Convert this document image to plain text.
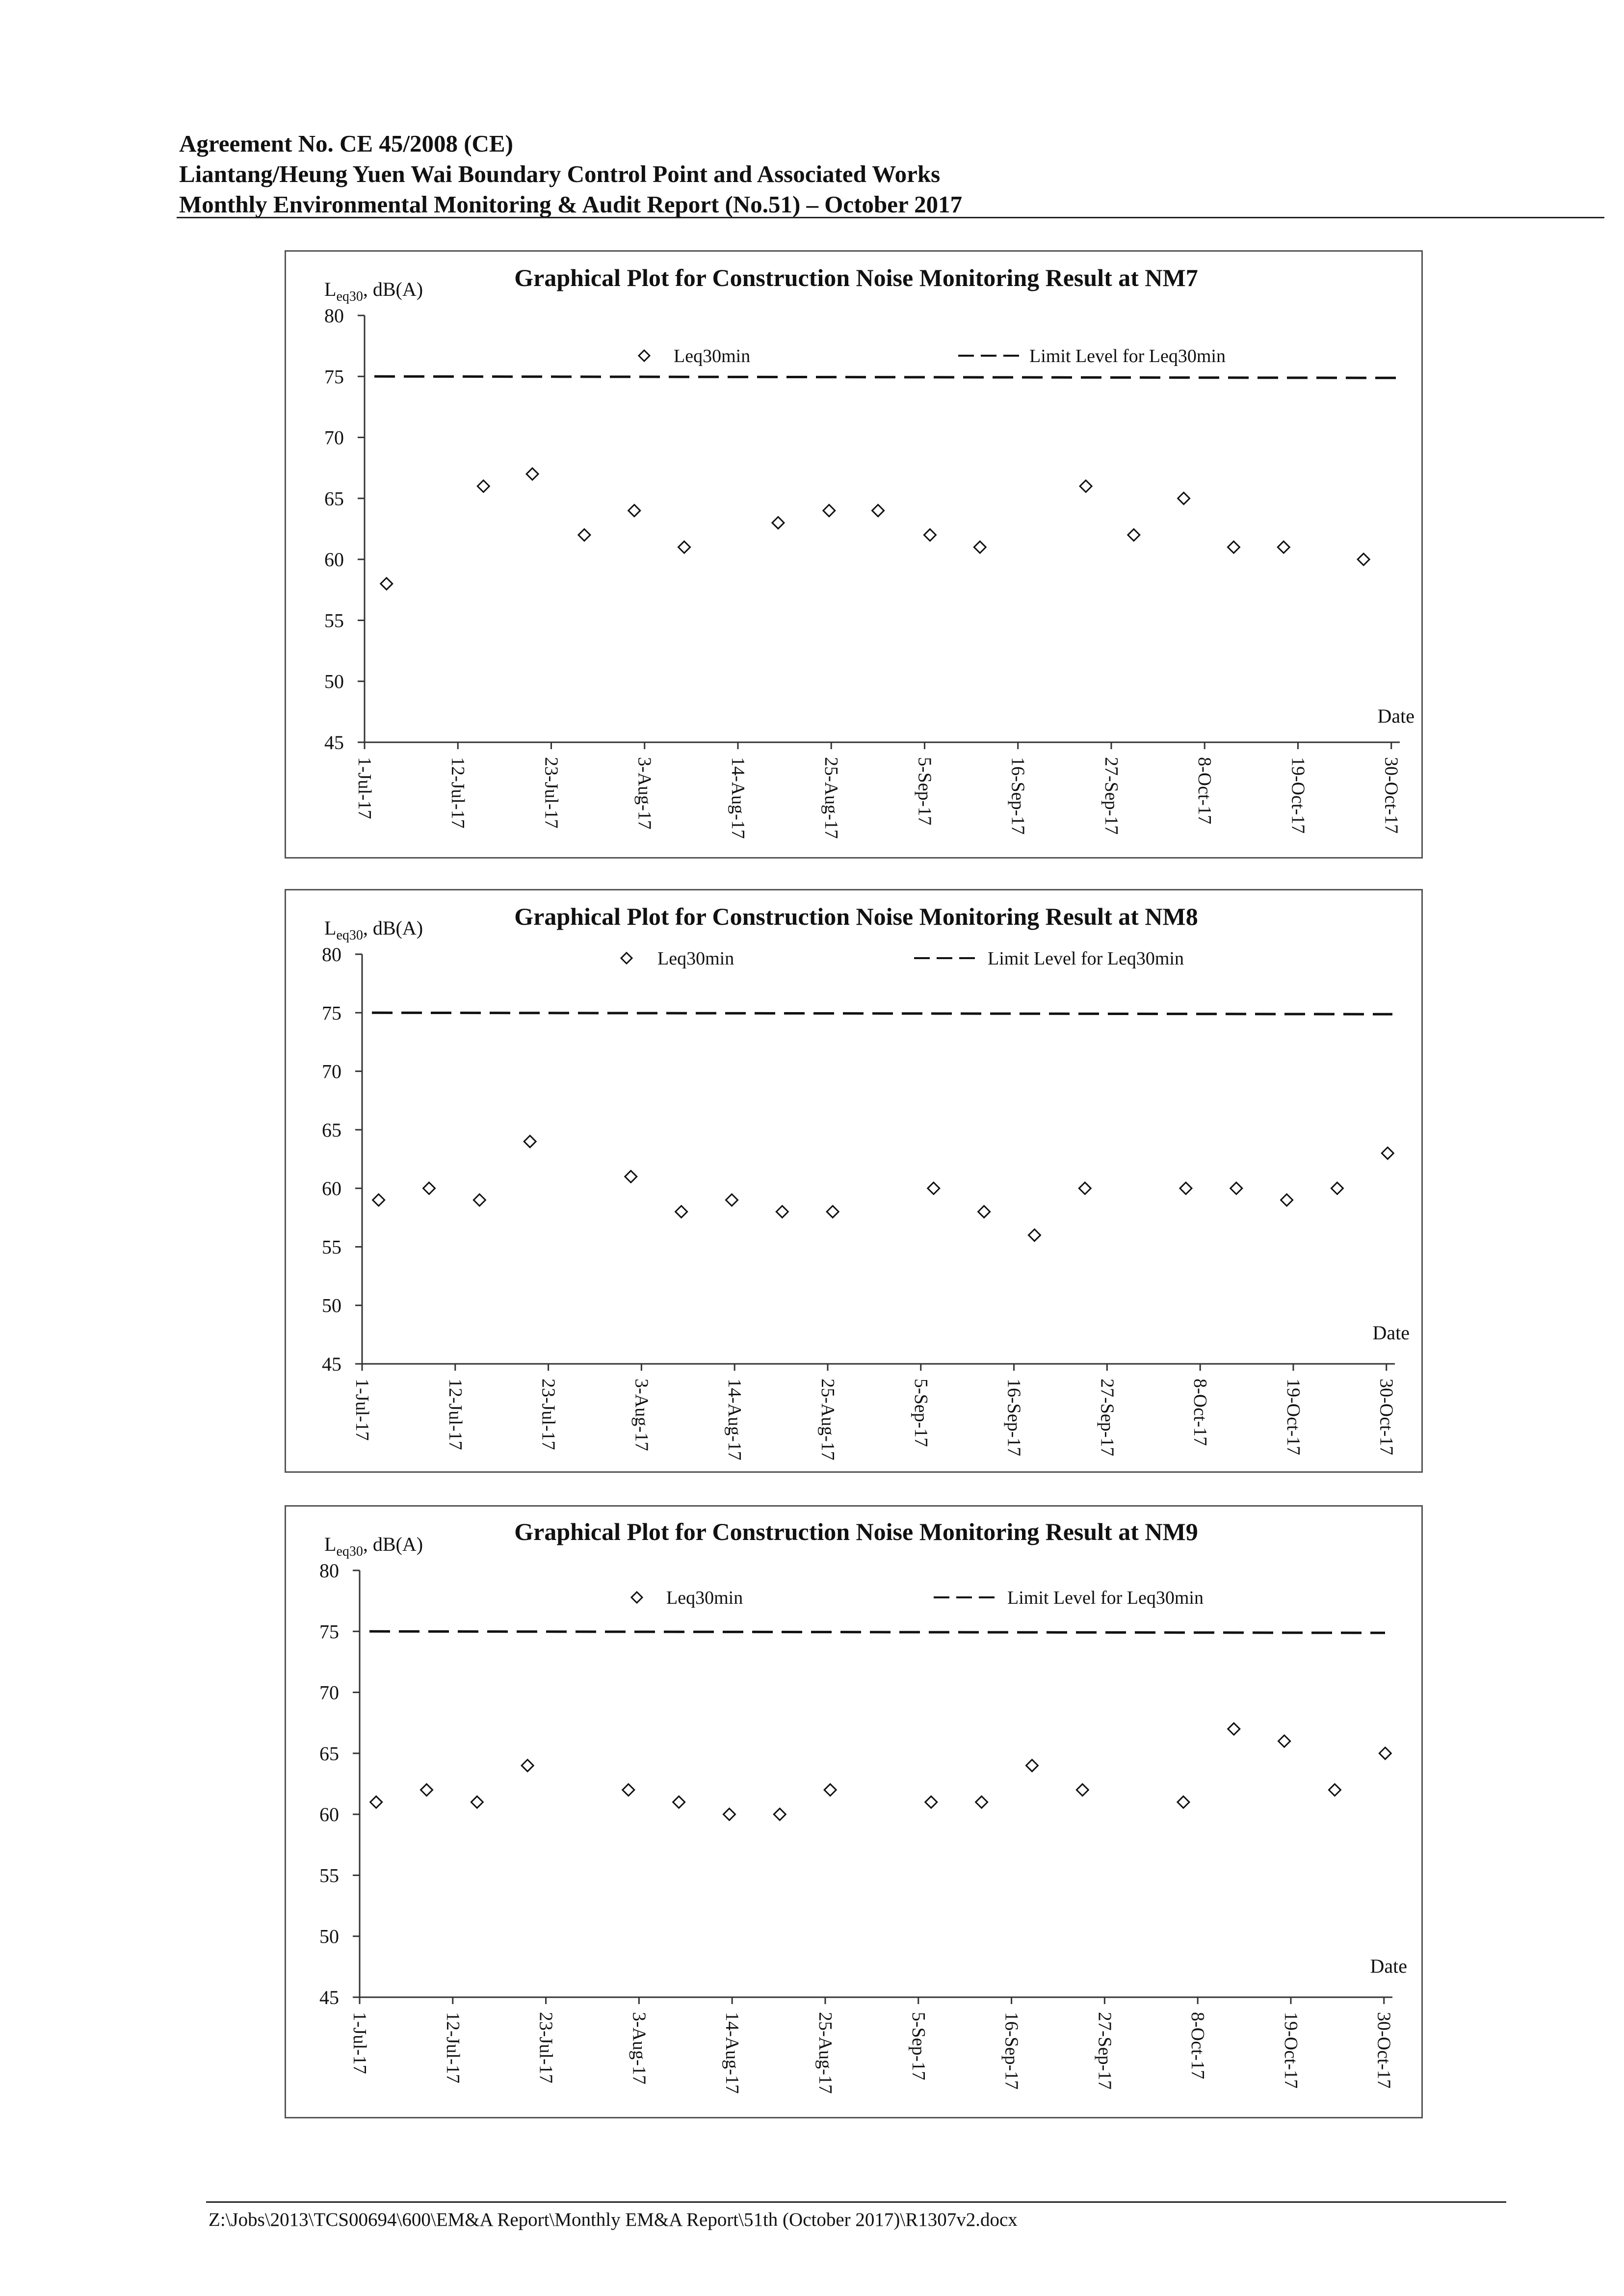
Agreement No. CE 45/2008 (CE)
Liantang/Heung Yuen Wai Boundary Control Point and Associated Works
Monthly Environmental Monitoring & Audit Report (No.51) – October 2017
Graphical Plot for Construction Noise Monitoring Result at NM7
$L_{eq30}$, dB(A)
45
50
55
60
65
70
75
80
1-Jul-17	12-Jul-17	23-Jul-17	3-Aug-17	14-Aug-17	25-Aug-17	5-Sep-17	16-Sep-17	27-Sep-17	8-Oct-17	19-Oct-17	30-Oct-17
Date
Leq30min	Limit Level for Leq30min
Graphical Plot for Construction Noise Monitoring Result at NM8
$L_{eq30}$, dB(A)
45
50
55
60
65
70
75
80
1-Jul-17	12-Jul-17	23-Jul-17	3-Aug-17	14-Aug-17	25-Aug-17	5-Sep-17	16-Sep-17	27-Sep-17	8-Oct-17	19-Oct-17	30-Oct-17
Date
Leq30min	Limit Level for Leq30min
Graphical Plot for Construction Noise Monitoring Result at NM9
$L_{eq30}$, dB(A)
45
50
55
60
65
70
75
80
1-Jul-17	12-Jul-17	23-Jul-17	3-Aug-17	14-Aug-17	25-Aug-17	5-Sep-17	16-Sep-17	27-Sep-17	8-Oct-17	19-Oct-17	30-Oct-17
Date
Leq30min	Limit Level for Leq30min
Z:\Jobs\2013\TCS00694\600\EM&A Report\Monthly EM&A Report\51th (October 2017)\R1307v2.docx
